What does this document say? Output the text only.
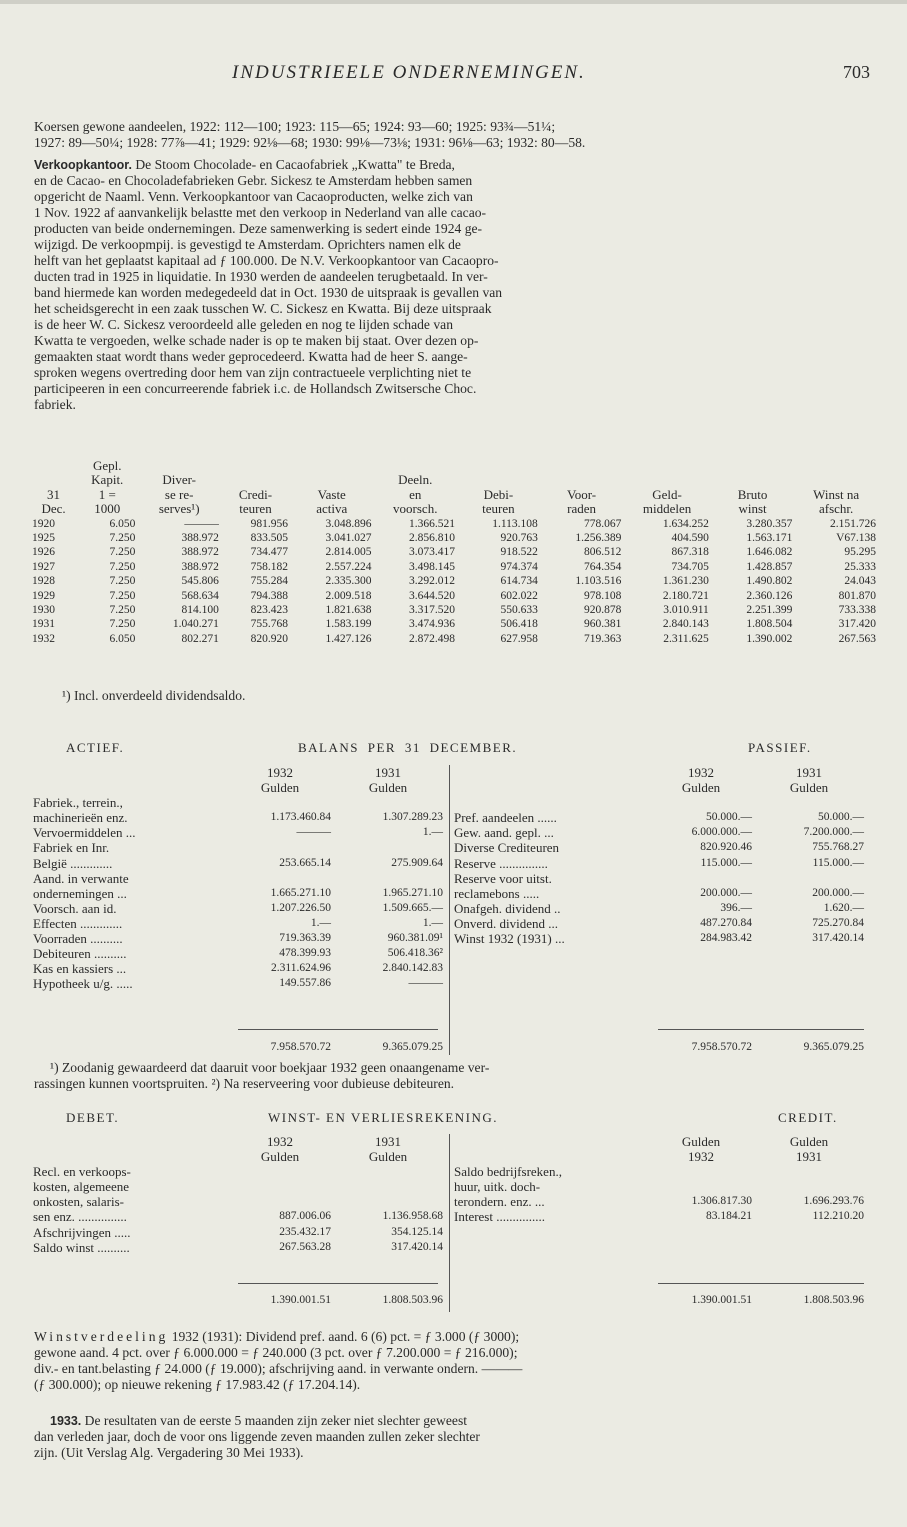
INDUSTRIEELE ONDERNEMINGEN.	703

Koersen gewone aandeelen, 1922: 112—100; 1923: 115—65; 1924: 93—60; 1925: 93¾—51¼;
1927: 89—50¼; 1928: 77⅞—41; 1929: 92⅛—68; 1930: 99⅛—73⅛; 1931: 96⅛—63; 1932: 80—58.

Verkoopkantoor. De Stoom Chocolade- en Cacaofabriek „Kwatta" te Breda,
en de Cacao- en Chocoladefabrieken Gebr. Sickesz te Amsterdam hebben samen
opgericht de Naaml. Venn. Verkoopkantoor van Cacaoproducten, welke zich van
1 Nov. 1922 af aanvankelijk belastte met den verkoop in Nederland van alle cacao-
producten van beide ondernemingen. Deze samenwerking is sedert einde 1924 ge-
wijzigd. De verkoopmpij. is gevestigd te Amsterdam. Oprichters namen elk de
helft van het geplaatst kapitaal ad ƒ 100.000. De N.V. Verkoopkantoor van Cacaopro-
ducten trad in 1925 in liquidatie. In 1930 werden de aandeelen terugbetaald. In ver-
band hiermede kan worden medegedeeld dat in Oct. 1930 de uitspraak is gevallen van
het scheidsgerecht in een zaak tusschen W. C. Sickesz en Kwatta. Bij deze uitspraak
is de heer W. C. Sickesz veroordeeld alle geleden en nog te lijden schade van
Kwatta te vergoeden, welke schade nader is op te maken bij staat. Over dezen op-
gemaakten staat wordt thans weder geprocedeerd. Kwatta had de heer S. aange-
sproken wegens overtreding door hem van zijn contractueele verplichting niet te
participeeren in een concurreerende fabriek i.c. de Hollandsch Zwitsersche Choc.
fabriek.

	Gepl.									
	Kapit.	Diver-			Deeln.					
31	1 =	se re-	Credi-	Vaste	en	Debi-	Voor-	Geld-	Bruto	Winst na
Dec.	1000	serves¹)	teuren	activa	voorsch.	teuren	raden	middelen	winst	afschr.
1920	6.050	———	981.956	3.048.896	1.366.521	1.113.108	778.067	1.634.252	3.280.357	2.151.726
1925	7.250	388.972	833.505	3.041.027	2.856.810	920.763	1.256.389	404.590	1.563.171	V67.138
1926	7.250	388.972	734.477	2.814.005	3.073.417	918.522	806.512	867.318	1.646.082	95.295
1927	7.250	388.972	758.182	2.557.224	3.498.145	974.374	764.354	734.705	1.428.857	25.333
1928	7.250	545.806	755.284	2.335.300	3.292.012	614.734	1.103.516	1.361.230	1.490.802	24.043
1929	7.250	568.634	794.388	2.009.518	3.644.520	602.022	978.108	2.180.721	2.360.126	801.870
1930	7.250	814.100	823.423	1.821.638	3.317.520	550.633	920.878	3.010.911	2.251.399	733.338
1931	7.250	1.040.271	755.768	1.583.199	3.474.936	506.418	960.381	2.840.143	1.808.504	317.420
1932	6.050	802.271	820.920	1.427.126	2.872.498	627.958	719.363	2.311.625	1.390.002	267.563
¹) Incl. onverdeeld dividendsaldo.
ACTIEF.	BALANS PER 31 DECEMBER.	PASSIEF.
	1932	1931
	Gulden	Gulden
Fabriek., terrein.,		
machinerieën enz.	1.173.460.84	1.307.289.23
Vervoermiddelen ...	———	1.—
Fabriek en Inr.		
België .............	253.665.14	275.909.64
Aand. in verwante		
ondernemingen ...	1.665.271.10	1.965.271.10
Voorsch. aan id.	1.207.226.50	1.509.665.—
Effecten .............	1.—	1.—
Voorraden ..........	719.363.39	960.381.09¹
Debiteuren ..........	478.399.93	506.418.36²
Kas en kassiers ...	2.311.624.96	2.840.142.83
Hypotheek u/g. .....	149.557.86	———
	7.958.570.72	9.365.079.25
	1932	1931
	Gulden	Gulden

Pref. aandeelen ......	50.000.—	50.000.—
Gew. aand. gepl. ...	6.000.000.—	7.200.000.—
Diverse Crediteuren	820.920.46	755.768.27
Reserve ...............	115.000.—	115.000.—
Reserve voor uitst.		
reclamebons .....	200.000.—	200.000.—
Onafgeh. dividend ..	396.—	1.620.—
Onverd. dividend ...	487.270.84	725.270.84
Winst 1932 (1931) ...	284.983.42	317.420.14
	7.958.570.72	9.365.079.25

¹) Zoodanig gewaardeerd dat daaruit voor boekjaar 1932 geen onaangename ver-
rassingen kunnen voortspruiten. ²) Na reserveering voor dubieuse debiteuren.

DEBET.	WINST- EN VERLIESREKENING.	CREDIT.
	1932	1931
	Gulden	Gulden
Recl. en verkoops-		
kosten, algemeene		
onkosten, salaris-		
sen enz. ...............	887.006.06	1.136.958.68
Afschrijvingen .....	235.432.17	354.125.14
Saldo winst ..........	267.563.28	317.420.14
	1.390.001.51	1.808.503.96
	Gulden	Gulden
	1932	1931
Saldo bedrijfsreken.,		
huur, uitk. doch-		
terondern. enz. ...	1.306.817.30	1.696.293.76
Interest ...............	83.184.21	112.210.20
	1.390.001.51	1.808.503.96

Winstverdeeling 1932 (1931): Dividend pref. aand. 6 (6) pct. = ƒ 3.000 (ƒ 3000);
gewone aand. 4 pct. over ƒ 6.000.000 = ƒ 240.000 (3 pct. over ƒ 7.200.000 = ƒ 216.000);
div.- en tant.belasting ƒ 24.000 (ƒ 19.000); afschrijving aand. in verwante ondern. ———
(ƒ 300.000); op nieuwe rekening ƒ 17.983.42 (ƒ 17.204.14).

1933. De resultaten van de eerste 5 maanden zijn zeker niet slechter geweest
dan verleden jaar, doch de voor ons liggende zeven maanden zullen zeker slechter
zijn. (Uit Verslag Alg. Vergadering 30 Mei 1933).
